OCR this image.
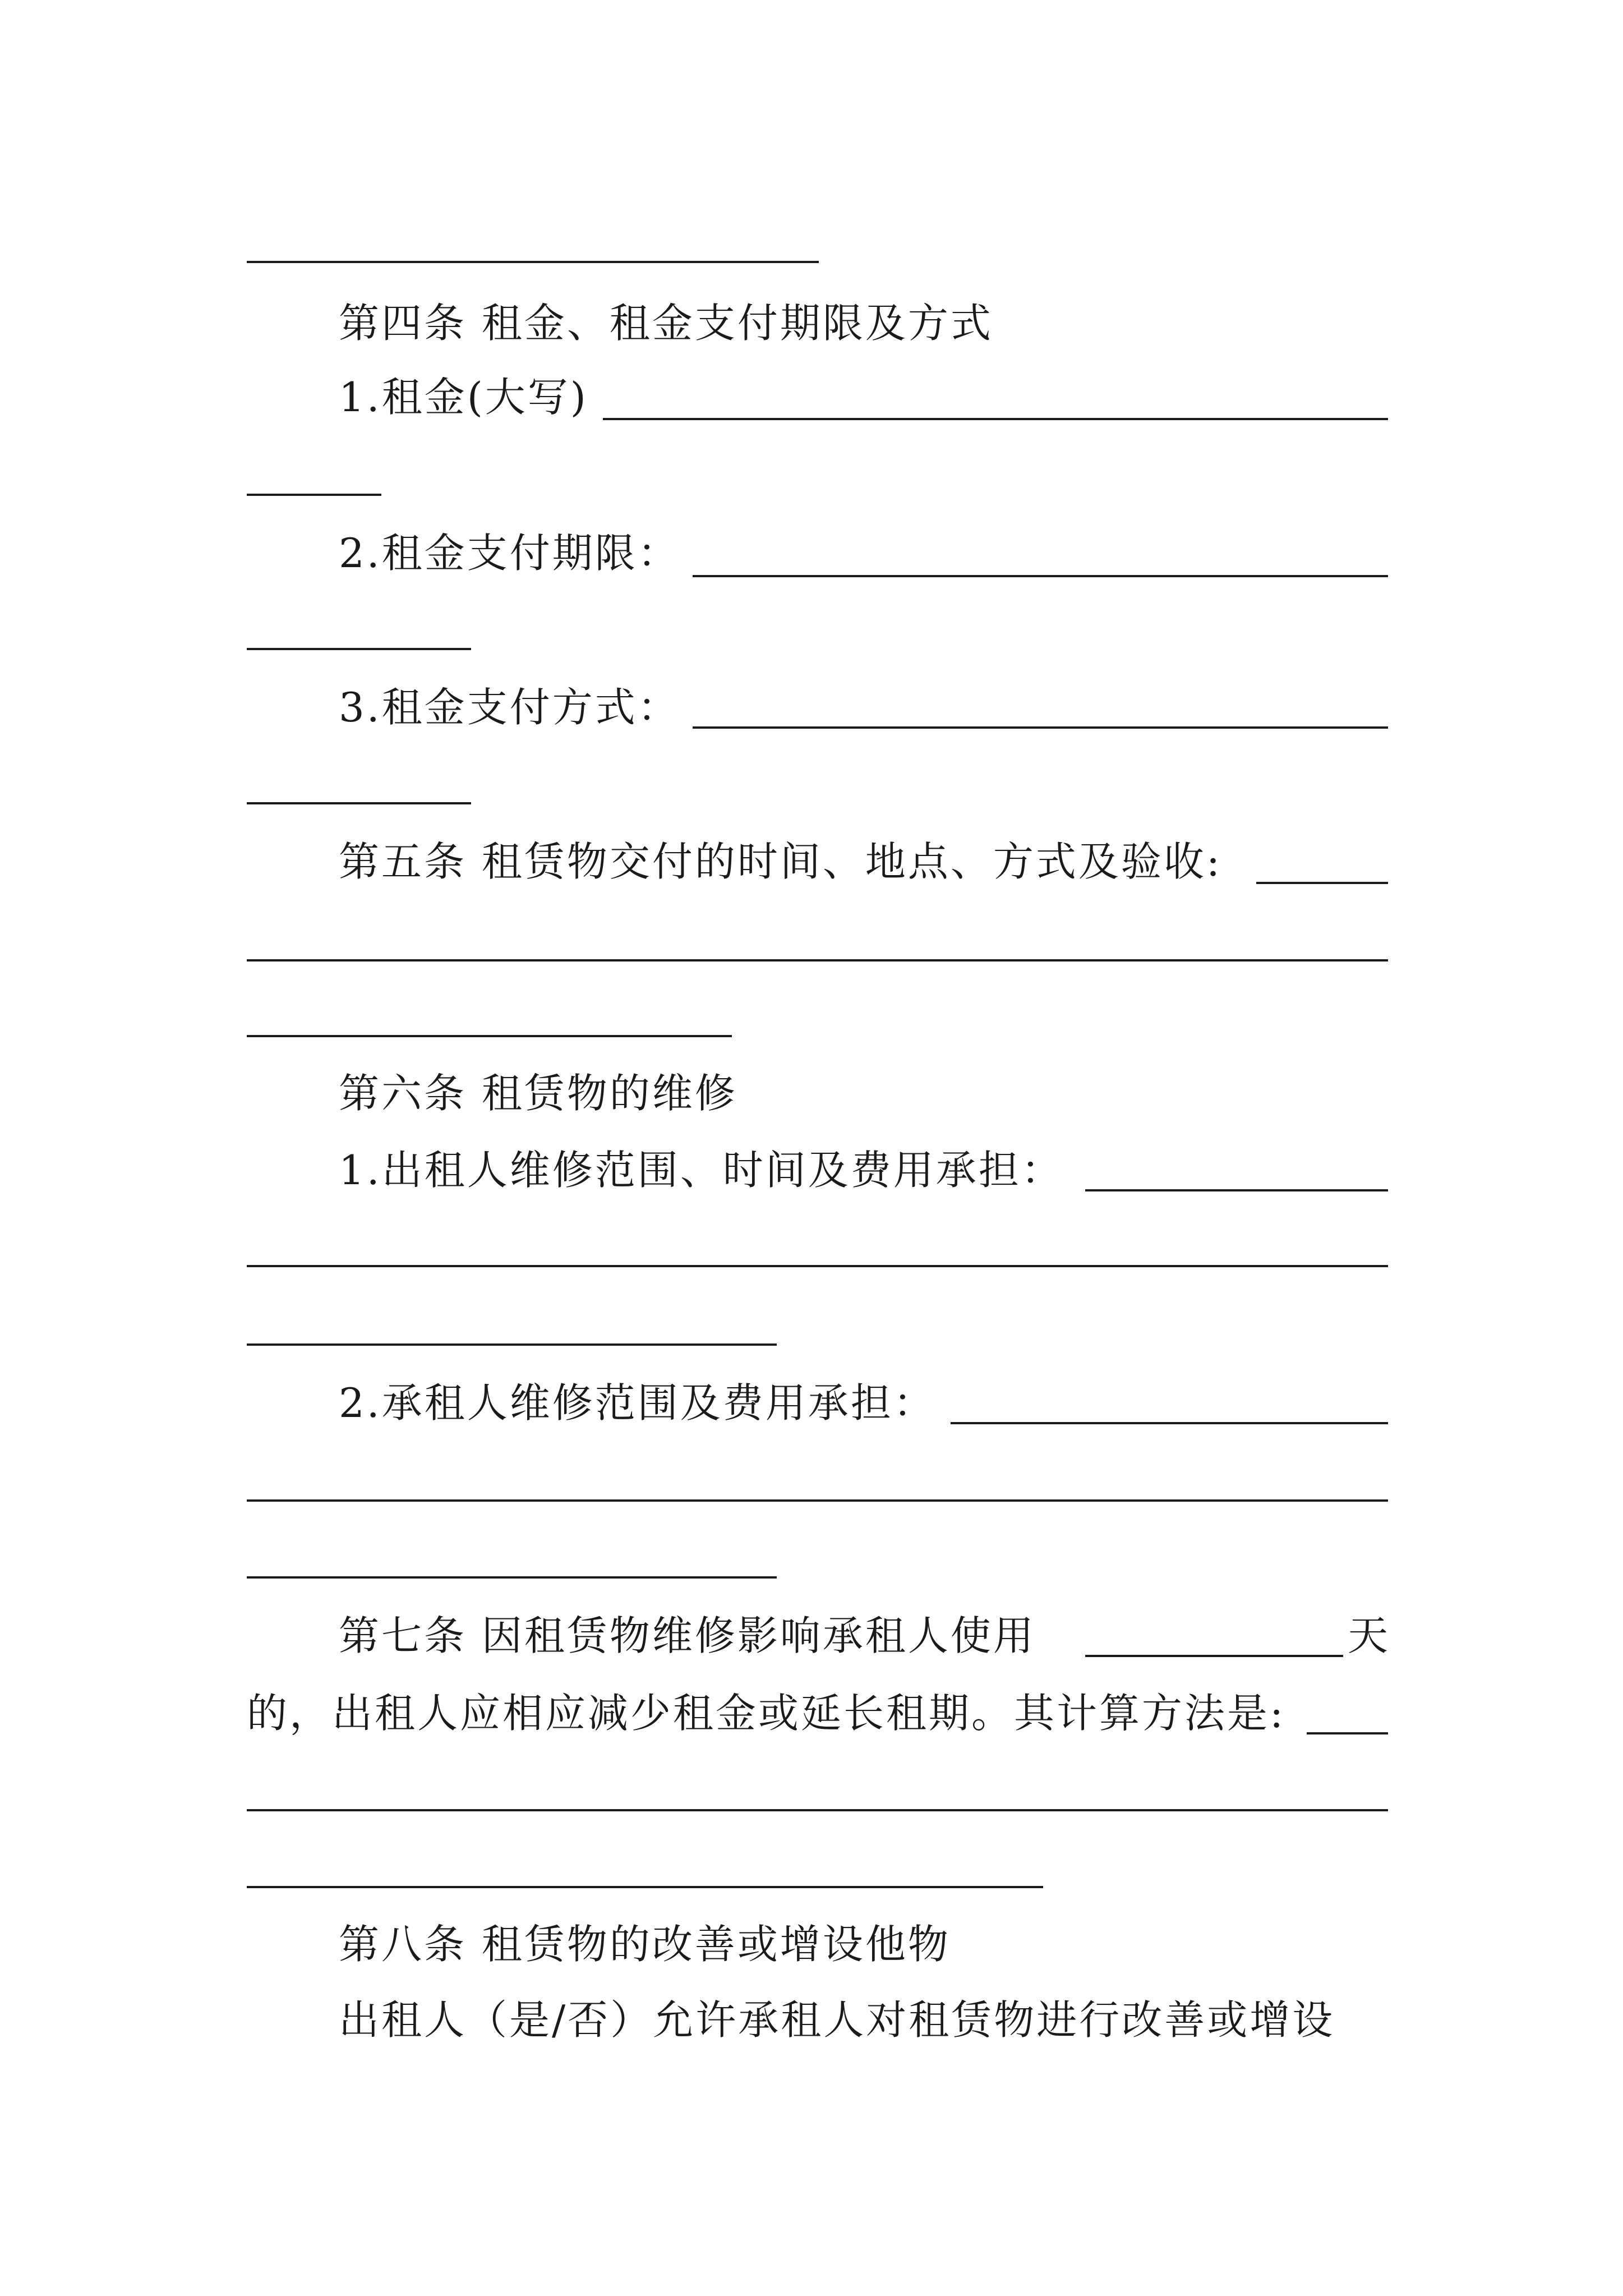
第四条 租金、租金支付期限及方式
1.租金(大写)
2.租金支付期限：
3.租金支付方式：
第五条 租赁物交付的时间、地点、方式及验收:
第六条 租赁物的维修
1.出租人维修范围、时间及费用承担：
2.承租人维修范围及费用承担：
第七条 因租赁物维修影响承租人使用	天
的，出租人应相应减少租金或延长租期。其计算方法是:
第八条 租赁物的改善或增设他物
出租人（是/否）允许承租人对租赁物进行改善或增设
